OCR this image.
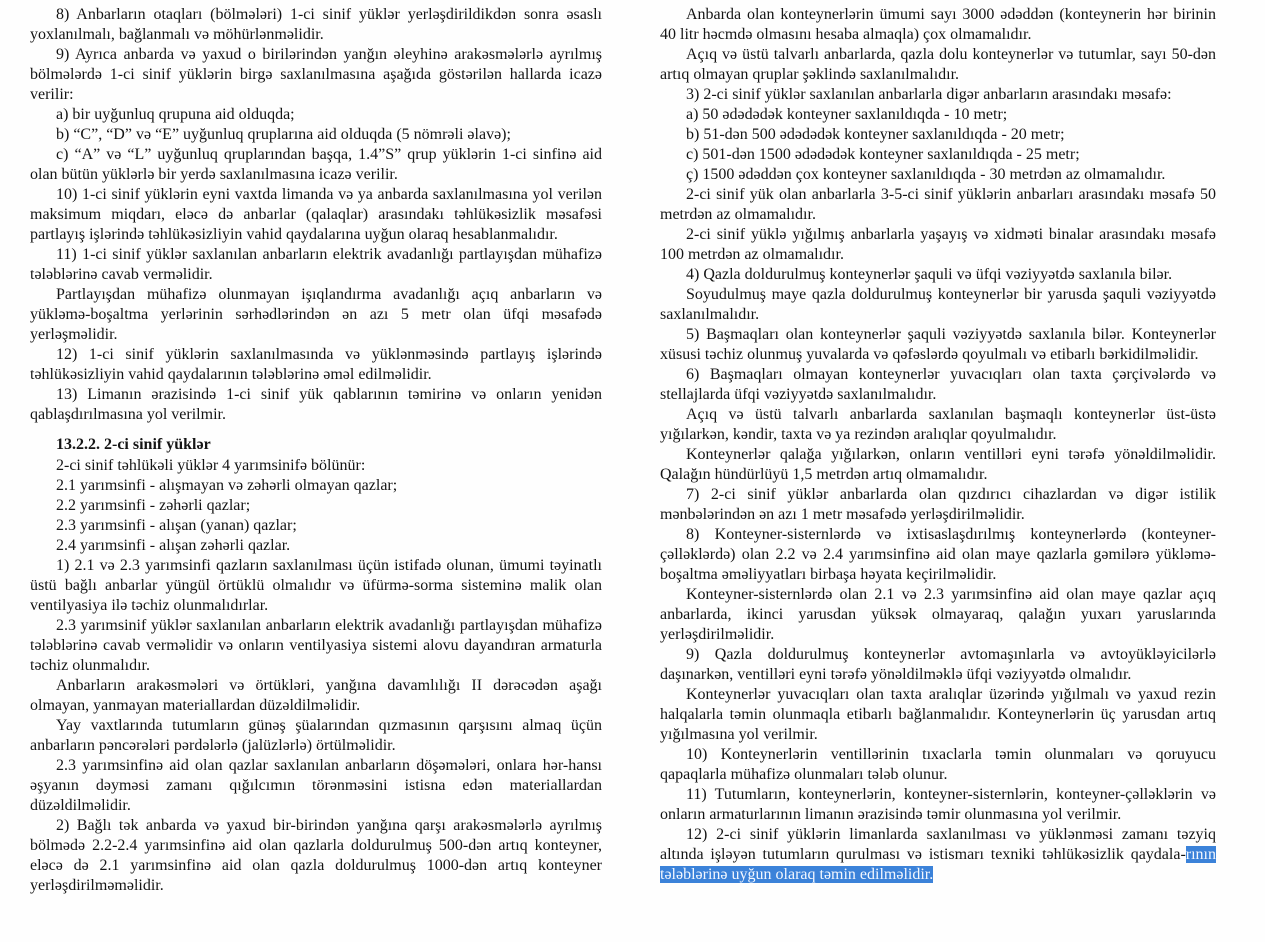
8) Anbarların otaqları (bölmələri) 1-ci sinif yüklər yerləşdirildikdən sonra əsaslı yoxlanılmalı, bağlanmalı və möhürlənməlidir.

9) Ayrıca anbarda və yaxud o birilərindən yanğın əleyhinə arakəsmələrlə ayrılmış bölmələrdə 1-ci sinif yüklərin birgə saxlanılmasına aşağıda göstərilən hallarda icazə verilir:

a) bir uyğunluq qrupuna aid olduqda;

b) “C”, “D” və “E” uyğunluq qruplarına aid olduqda (5 nömrəli əlavə);

c) “A” və “L” uyğunluq qruplarından başqa, 1.4”S” qrup yüklərin 1-ci sinfinə aid olan bütün yüklərlə bir yerdə saxlanılmasına icazə verilir.

10) 1-ci sinif yüklərin eyni vaxtda limanda və ya anbarda saxlanılmasına yol verilən maksimum miqdarı, eləcə də anbarlar (qalaqlar) arasındakı təhlükəsizlik məsafəsi partlayış işlərində təhlükəsizliyin vahid qaydalarına uyğun olaraq hesablanmalıdır.

11) 1-ci sinif yüklər saxlanılan anbarların elektrik avadanlığı partlayışdan mühafizə tələblərinə cavab verməlidir.

Partlayışdan mühafizə olunmayan işıqlandırma avadanlığı açıq anbarların və yükləmə-boşaltma yerlərinin sərhədlərindən ən azı 5 metr olan üfqi məsafədə yerləşməlidir.

12) 1-ci sinif yüklərin saxlanılmasında və yüklənməsində partlayış işlərində təhlükəsizliyin vahid qaydalarının tələblərinə əməl edilməlidir.

13) Limanın ərazisində 1-ci sinif yük qablarının təmirinə və onların yenidən qablaşdırılmasına yol verilmir.

13.2.2. 2-ci sinif yüklər

2-ci sinif təhlükəli yüklər 4 yarımsinifə bölünür:

2.1 yarımsinfi - alışmayan və zəhərli olmayan qazlar;

2.2 yarımsinfi - zəhərli qazlar;

2.3 yarımsinfi - alışan (yanan) qazlar;

2.4 yarımsinfi - alışan zəhərli qazlar.

1) 2.1 və 2.3 yarımsinfi qazların saxlanılması üçün istifadə olunan, ümumi təyinatlı üstü bağlı anbarlar yüngül örtüklü olmalıdır və üfürmə-sorma sisteminə malik olan ventilyasiya ilə təchiz olunmalıdırlar.

2.3 yarımsinif yüklər saxlanılan anbarların elektrik avadanlığı partlayışdan mühafizə tələblərinə cavab verməlidir və onların ventilyasiya sistemi alovu dayandıran armaturla təchiz olunmalıdır.

Anbarların arakəsmələri və örtükləri, yanğına davamlılığı II dərəcədən aşağı olmayan, yanmayan materiallardan düzəldilməlidir.

Yay vaxtlarında tutumların günəş şüalarından qızmasının qarşısını almaq üçün anbarların pəncərələri pərdələrlə (jalüzlərlə) örtülməlidir.

2.3 yarımsinfinə aid olan qazlar saxlanılan anbarların döşəmələri, onlara hər-hansı əşyanın dəyməsi zamanı qığılcımın törənməsini istisna edən materiallardan düzəldilməlidir.

2) Bağlı tək anbarda və yaxud bir-birindən yanğına qarşı arakəsmələrlə ayrılmış bölmədə 2.2-2.4 yarımsinfinə aid olan qazlarla doldurulmuş 500-dən artıq konteyner, eləcə də 2.1 yarımsinfinə aid olan qazla doldurulmuş 1000-dən artıq konteyner yerləşdirilməməlidir.

Anbarda olan konteynerlərin ümumi sayı 3000 ədəddən (konteynerin hər birinin 40 litr həcmdə olmasını hesaba almaqla) çox olmamalıdır.

Açıq və üstü talvarlı anbarlarda, qazla dolu konteynerlər və tutumlar, sayı 50-dən artıq olmayan qruplar şəklində saxlanılmalıdır.

3) 2-ci sinif yüklər saxlanılan anbarlarla digər anbarların arasındakı məsafə:

a) 50 ədədədək konteyner saxlanıldıqda - 10 metr;

b) 51-dən 500 ədədədək konteyner saxlanıldıqda - 20 metr;

c) 501-dən 1500 ədədədək konteyner saxlanıldıqda - 25 metr;

ç) 1500 ədəddən çox konteyner saxlanıldıqda - 30 metrdən az olmamalıdır.

2-ci sinif yük olan anbarlarla 3-5-ci sinif yüklərin anbarları arasındakı məsafə 50 metrdən az olmamalıdır.

2-ci sinif yüklə yığılmış anbarlarla yaşayış və xidməti binalar arasındakı məsafə 100 metrdən az olmamalıdır.

4) Qazla doldurulmuş konteynerlər şaquli və üfqi vəziyyətdə saxlanıla bilər.

Soyudulmuş maye qazla doldurulmuş konteynerlər bir yarusda şaquli vəziyyətdə saxlanılmalıdır.

5) Başmaqları olan konteynerlər şaquli vəziyyətdə saxlanıla bilər. Konteynerlər xüsusi təchiz olunmuş yuvalarda və qəfəslərdə qoyulmalı və etibarlı bərkidilməlidir.

6) Başmaqları olmayan konteynerlər yuvacıqları olan taxta çərçivələrdə və stellajlarda üfqi vəziyyətdə saxlanılmalıdır.

Açıq və üstü talvarlı anbarlarda saxlanılan başmaqlı konteynerlər üst-üstə yığılarkən, kəndir, taxta və ya rezindən aralıqlar qoyulmalıdır.

Konteynerlər qalağa yığılarkən, onların ventilləri eyni tərəfə yönəldilməlidir. Qalağın hündürlüyü 1,5 metrdən artıq olmamalıdır.

7) 2-ci sinif yüklər anbarlarda olan qızdırıcı cihazlardan və digər istilik mənbələrindən ən azı 1 metr məsafədə yerləşdirilməlidir.

8) Konteyner-sisternlərdə və ixtisaslaşdırılmış konteynerlərdə (konteyner-çəlləklərdə) olan 2.2 və 2.4 yarımsinfinə aid olan maye qazlarla gəmilərə yükləmə-boşaltma əməliyyatları birbaşa həyata keçirilməlidir.

Konteyner-sisternlərdə olan 2.1 və 2.3 yarımsinfinə aid olan maye qazlar açıq anbarlarda, ikinci yarusdan yüksək olmayaraq, qalağın yuxarı yaruslarında yerləşdirilməlidir.

9) Qazla doldurulmuş konteynerlər avtomaşınlarla və avtoyükləyicilərlə daşınarkən, ventilləri eyni tərəfə yönəldilməklə üfqi vəziyyətdə olmalıdır.

Konteynerlər yuvacıqları olan taxta aralıqlar üzərində yığılmalı və yaxud rezin halqalarla təmin olunmaqla etibarlı bağlanmalıdır. Konteynerlərin üç yarusdan artıq yığılmasına yol verilmir.

10) Konteynerlərin ventillərinin tıxaclarla təmin olunmaları və qoruyucu qapaqlarla mühafizə olunmaları tələb olunur.

11) Tutumların, konteynerlərin, konteyner-sisternlərin, konteyner-çəlləklərin və onların armaturlarının limanın ərazisində təmir olunmasına yol verilmir.

12) 2-ci sinif yüklərin limanlarda saxlanılması və yüklənməsi zamanı təzyiq altında işləyən tutumların qurulması və istismarı texniki təhlükəsizlik qaydala-rının tələblərinə uyğun olaraq təmin edilməlidir.
